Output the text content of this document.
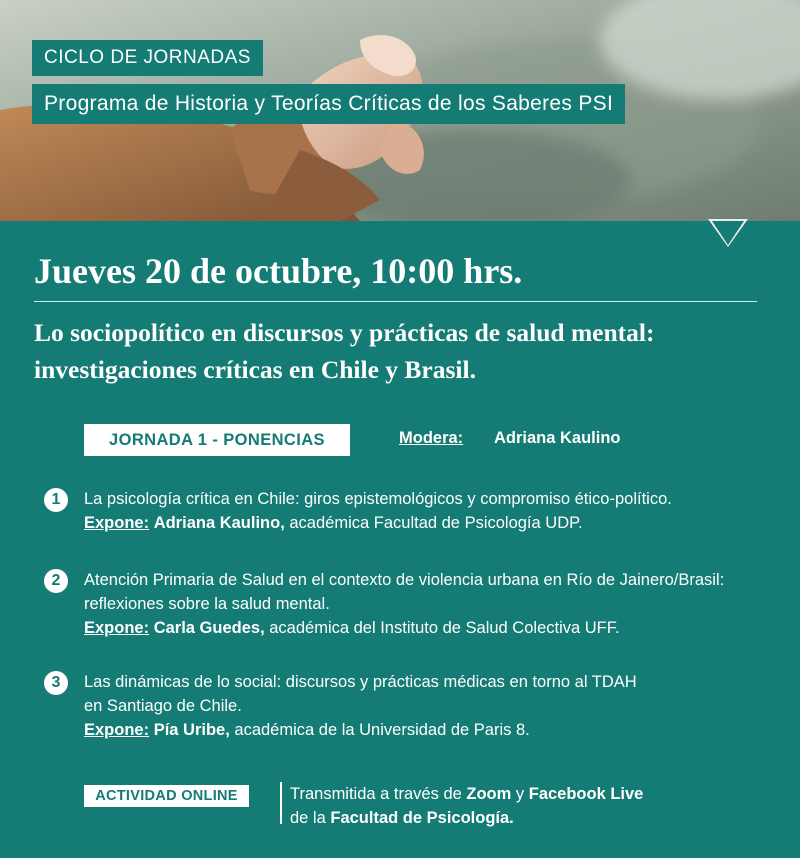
CICLO DE JORNADAS
Programa de Historia y Teorías Críticas de los Saberes PSI
Jueves 20 de octubre, 10:00 hrs.
Lo sociopolítico en discursos y prácticas de salud mental:
investigaciones críticas en Chile y Brasil.
JORNADA 1 - PONENCIAS	Modera: Adriana Kaulino
1	La psicología crítica en Chile: giros epistemológicos y compromiso ético-político.
Expone: Adriana Kaulino, académica Facultad de Psicología UDP.
2	Atención Primaria de Salud en el contexto de violencia urbana en Río de Jainero/Brasil:
reflexiones sobre la salud mental.
Expone: Carla Guedes, académica del Instituto de Salud Colectiva UFF.
3	Las dinámicas de lo social: discursos y prácticas médicas en torno al TDAH
en Santiago de Chile.
Expone: Pía Uribe, académica de la Universidad de Paris 8.
ACTIVIDAD ONLINE	Transmitida a través de Zoom y Facebook Live
de la Facultad de Psicología.
